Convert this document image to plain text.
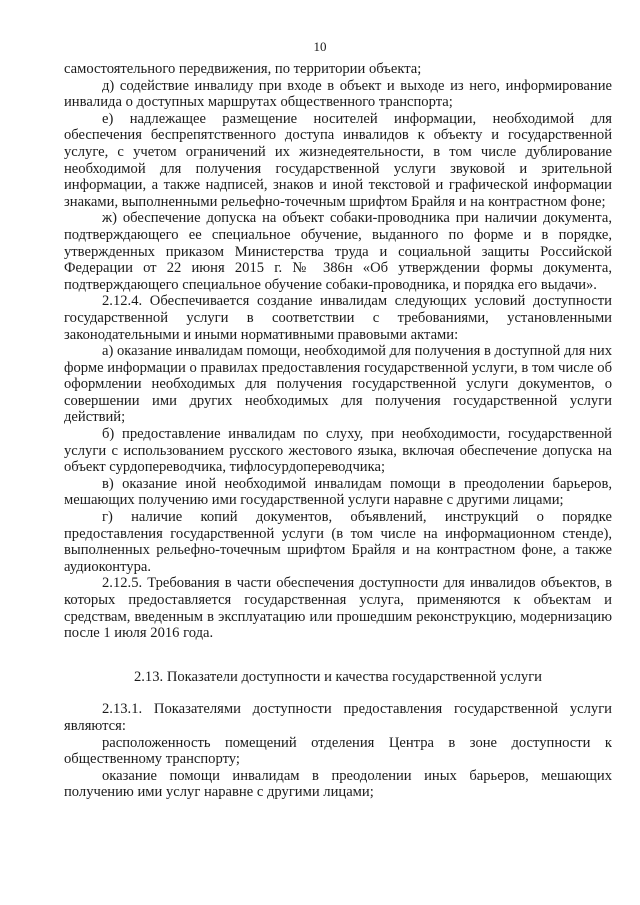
10

самостоятельного передвижения, по территории объекта;

д) содействие инвалиду при входе в объект и выходе из него, информирование инвалида о доступных маршрутах общественного транспорта;

е) надлежащее размещение носителей информации, необходимой для обеспечения беспрепятственного доступа инвалидов к объекту и государственной услуге, с учетом ограничений их жизнедеятельности, в том числе дублирование необходимой для получения государственной услуги звуковой и зрительной информации, а также надписей, знаков и иной текстовой и графической информации знаками, выполненными рельефно-точечным шрифтом Брайля и на контрастном фоне;

ж) обеспечение допуска на объект собаки-проводника при наличии документа, подтверждающего ее специальное обучение, выданного по форме и в порядке, утвержденных приказом Министерства труда и социальной защиты Российской Федерации от 22 июня 2015 г. № 386н «Об утверждении формы документа, подтверждающего специальное обучение собаки-проводника, и порядка его выдачи».

2.12.4. Обеспечивается создание инвалидам следующих условий доступности государственной услуги в соответствии с требованиями, установленными законодательными и иными нормативными правовыми актами:

а) оказание инвалидам помощи, необходимой для получения в доступной для них форме информации о правилах предоставления государственной услуги, в том числе об оформлении необходимых для получения государственной услуги документов, о совершении ими других необходимых для получения государственной услуги действий;

б) предоставление инвалидам по слуху, при необходимости, государственной услуги с использованием русского жестового языка, включая обеспечение допуска на объект сурдопереводчика, тифлосурдопереводчика;

в) оказание иной необходимой инвалидам помощи в преодолении барьеров, мешающих получению ими государственной услуги наравне с другими лицами;

г) наличие копий документов, объявлений, инструкций о порядке предоставления государственной услуги (в том числе на информационном стенде), выполненных рельефно-точечным шрифтом Брайля и на контрастном фоне, а также аудиоконтура.

2.12.5. Требования в части обеспечения доступности для инвалидов объектов, в которых предоставляется государственная услуга, применяются к объектам и средствам, введенным в эксплуатацию или прошедшим реконструкцию, модернизацию после 1 июля 2016 года.

2.13. Показатели доступности и качества государственной услуги

2.13.1. Показателями доступности предоставления государственной услуги являются:

расположенность помещений отделения Центра в зоне доступности к общественному транспорту;

оказание помощи инвалидам в преодолении иных барьеров, мешающих получению ими услуг наравне с другими лицами;
